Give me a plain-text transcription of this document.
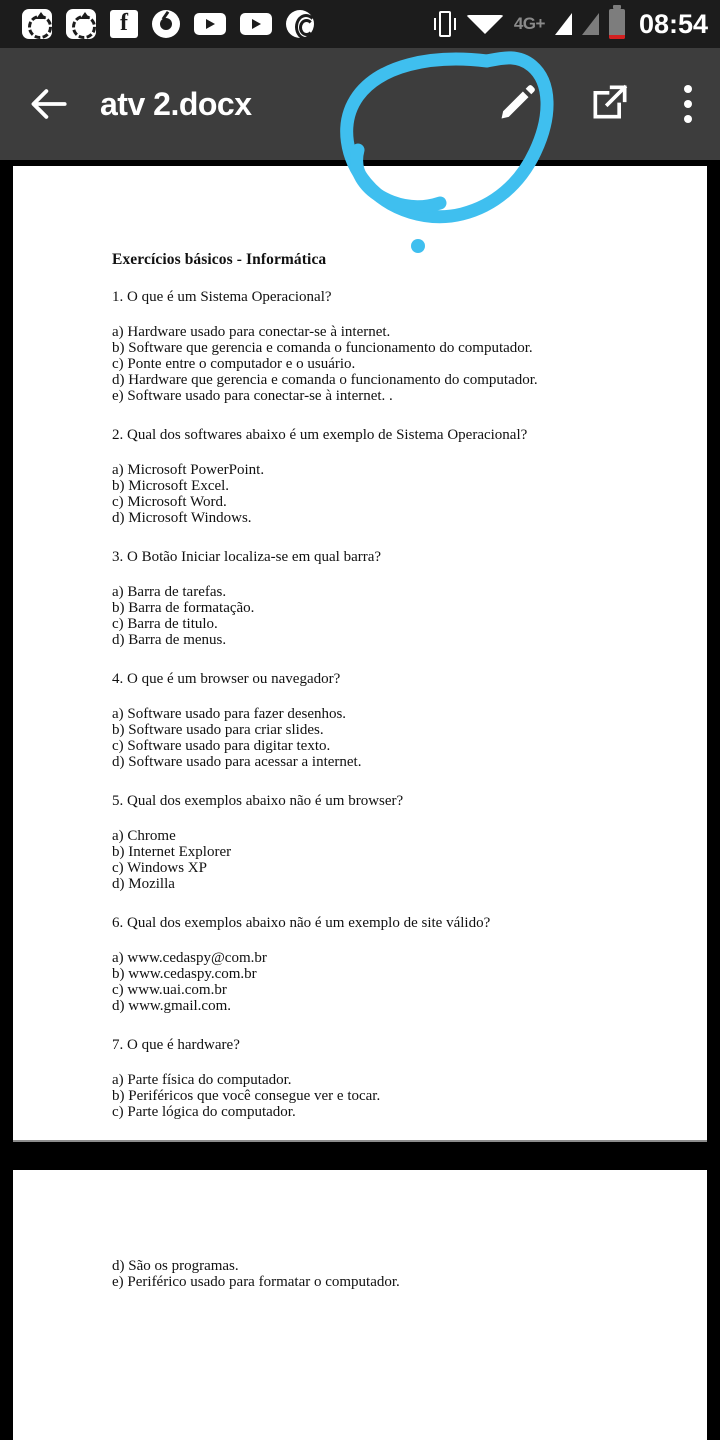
f	4G+	08:54
atv 2.docx
Exercícios básicos - Informática
1. O que é um Sistema Operacional?
a) Hardware usado para conectar-se à internet.
b) Software que gerencia e comanda o funcionamento do computador.
c) Ponte entre o computador e o usuário.
d) Hardware que gerencia e comanda o funcionamento do computador.
e) Software usado para conectar-se à internet. .
2. Qual dos softwares abaixo é um exemplo de Sistema Operacional?
a) Microsoft PowerPoint.
b) Microsoft Excel.
c) Microsoft Word.
d) Microsoft Windows.
3. O Botão Iniciar localiza-se em qual barra?
a) Barra de tarefas.
b) Barra de formatação.
c) Barra de titulo.
d) Barra de menus.
4. O que é um browser ou navegador?
a) Software usado para fazer desenhos.
b) Software usado para criar slides.
c) Software usado para digitar texto.
d) Software usado para acessar a internet.
5. Qual dos exemplos abaixo não é um browser?
a) Chrome
b) Internet Explorer
c) Windows XP
d) Mozilla
6. Qual dos exemplos abaixo não é um exemplo de site válido?
a) www.cedaspy@com.br
b) www.cedaspy.com.br
c) www.uai.com.br
d) www.gmail.com.
7. O que é hardware?
a) Parte física do computador.
b) Periféricos que você consegue ver e tocar.
c) Parte lógica do computador.
d) São os programas.
e) Periférico usado para formatar o computador.
